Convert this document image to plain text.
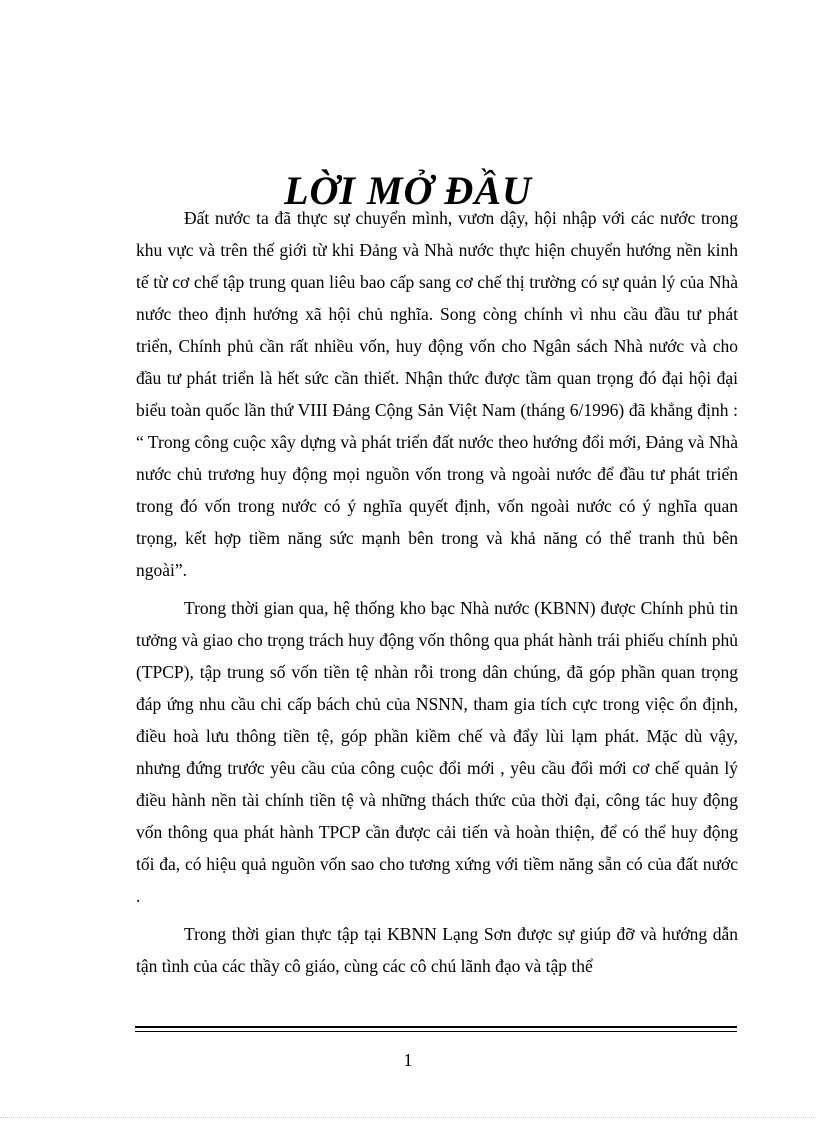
LỜI MỞ ĐẦU

Đất nước ta đã thực sự chuyển mình, vươn dậy, hội nhập với các nước trong khu vực và trên thế giới từ khi Đảng và Nhà nước thực hiện chuyển hướng nền kinh tế từ cơ chế tập trung quan liêu bao cấp sang cơ chế thị trường có sự quản lý của Nhà nước theo định hướng xã hội chủ nghĩa. Song còng chính vì nhu cầu đầu tư phát triển, Chính phủ cần rất nhiều vốn, huy động vốn cho Ngân sách Nhà nước và cho đầu tư phát triển là hết sức cần thiết. Nhận thức được tầm quan trọng đó đại hội đại biểu toàn quốc lần thứ VIII Đảng Cộng Sản Việt Nam (tháng 6/1996) đã khẳng định : “ Trong công cuộc xây dựng và phát triển đất nước theo hướng đổi mới, Đảng và Nhà nước chủ trương huy động mọi nguồn vốn trong và ngoài nước để đầu tư phát triển trong đó vốn trong nước có ý nghĩa quyết định, vốn ngoài nước có ý nghĩa quan trọng, kết hợp tiềm năng sức mạnh bên trong và khả năng có thể tranh thủ bên ngoài”.

Trong thời gian qua, hệ thống kho bạc Nhà nước (KBNN) được Chính phủ tin tưởng và giao cho trọng trách huy động vốn thông qua phát hành trái phiếu chính phủ (TPCP), tập trung số vốn tiền tệ nhàn rỗi trong dân chúng, đã góp phần quan trọng đáp ứng nhu cầu chi cấp bách chủ của NSNN, tham gia tích cực trong việc ổn định, điều hoà lưu thông tiền tệ, góp phần kiềm chế và đẩy lùi lạm phát. Mặc dù vậy, nhưng đứng trước yêu cầu của công cuộc đổi mới , yêu cầu đổi mới cơ chế quản lý điều hành nền tài chính tiền tệ và những thách thức của thời đại, công tác huy động vốn thông qua phát hành TPCP cần được cải tiến và hoàn thiện, để có thể huy động tối đa, có hiệu quả nguồn vốn sao cho tương xứng với tiềm năng sẵn có của đất nước .

Trong thời gian thực tập tại KBNN Lạng Sơn được sự giúp đỡ và hướng dẫn tận tình của các thầy cô giáo, cùng các cô chú lãnh đạo và tập thể

1
